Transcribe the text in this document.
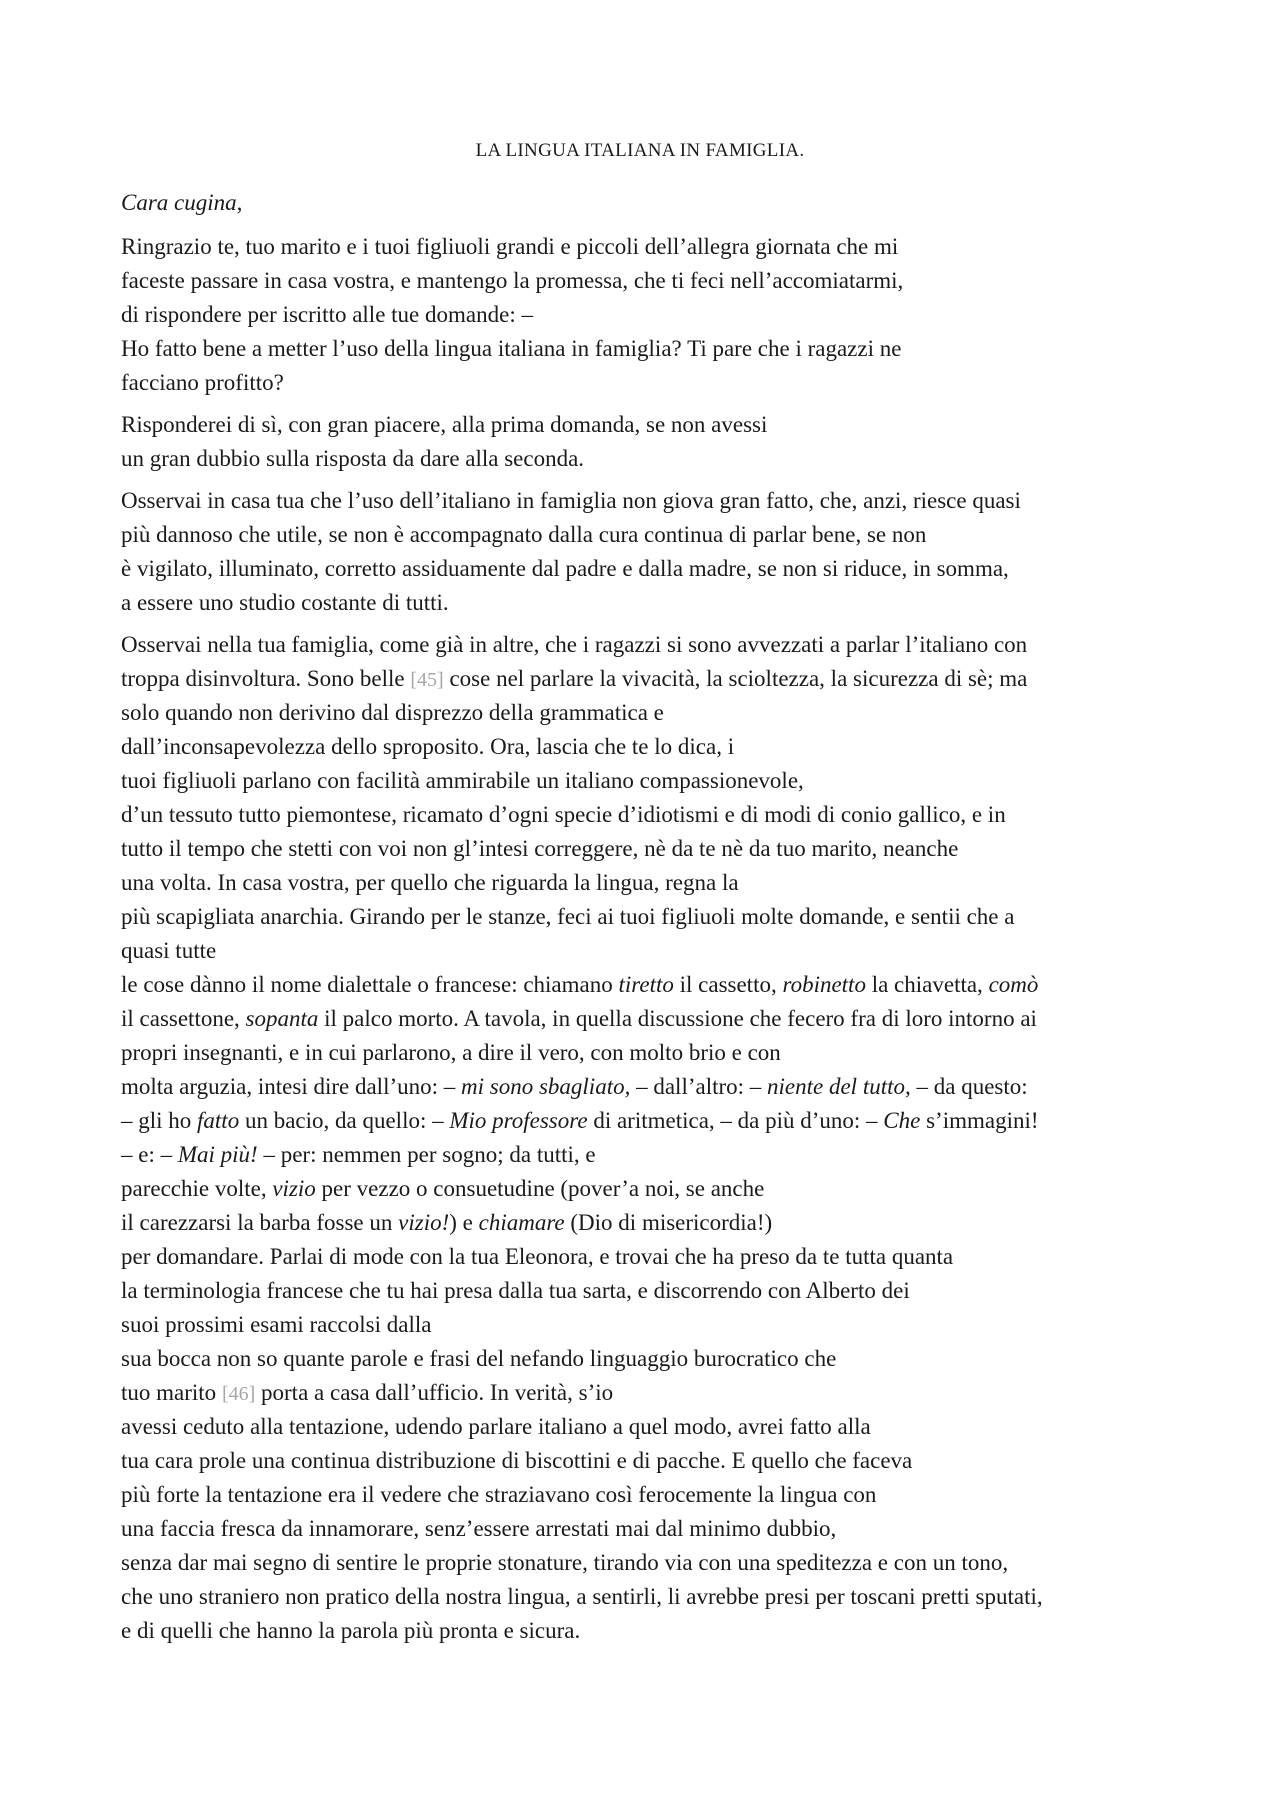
LA LINGUA ITALIANA IN FAMIGLIA.
Cara cugina,
Ringrazio te, tuo marito e i tuoi figliuoli grandi e piccoli dell’allegra giornata che mi
faceste passare in casa vostra, e mantengo la promessa, che ti feci nell’accomiatarmi,
di rispondere per iscritto alle tue domande: –
Ho fatto bene a metter l’uso della lingua italiana in famiglia? Ti pare che i ragazzi ne
facciano profitto?
Risponderei di sì, con gran piacere, alla prima domanda, se non avessi
un gran dubbio sulla risposta da dare alla seconda.
Osservai in casa tua che l’uso dell’italiano in famiglia non giova gran fatto, che, anzi, riesce quasi
più dannoso che utile, se non è accompagnato dalla cura continua di parlar bene, se non
è vigilato, illuminato, corretto assiduamente dal padre e dalla madre, se non si riduce, in somma,
a essere uno studio costante di tutti.
Osservai nella tua famiglia, come già in altre, che i ragazzi si sono avvezzati a parlar l’italiano con
troppa disinvoltura. Sono belle [45] cose nel parlare la vivacità, la scioltezza, la sicurezza di sè; ma
solo quando non derivino dal disprezzo della grammatica e
dall’inconsapevolezza dello sproposito. Ora, lascia che te lo dica, i
tuoi figliuoli parlano con facilità ammirabile un italiano compassionevole,
d’un tessuto tutto piemontese, ricamato d’ogni specie d’idiotismi e di modi di conio gallico, e in
tutto il tempo che stetti con voi non gl’intesi correggere, nè da te nè da tuo marito, neanche
una volta. In casa vostra, per quello che riguarda la lingua, regna la
più scapigliata anarchia. Girando per le stanze, feci ai tuoi figliuoli molte domande, e sentii che a
quasi tutte
le cose dànno il nome dialettale o francese: chiamano tiretto il cassetto, robinetto la chiavetta, comò
il cassettone, sopanta il palco morto. A tavola, in quella discussione che fecero fra di loro intorno ai
propri insegnanti, e in cui parlarono, a dire il vero, con molto brio e con
molta arguzia, intesi dire dall’uno: – mi sono sbagliato, – dall’altro: – niente del tutto, – da questo:
– gli ho fatto un bacio, da quello: – Mio professore di aritmetica, – da più d’uno: – Che s’immagini!
– e: – Mai più! – per: nemmen per sogno; da tutti, e
parecchie volte, vizio per vezzo o consuetudine (pover’a noi, se anche
il carezzarsi la barba fosse un vizio!) e chiamare (Dio di misericordia!)
per domandare. Parlai di mode con la tua Eleonora, e trovai che ha preso da te tutta quanta
la terminologia francese che tu hai presa dalla tua sarta, e discorrendo con Alberto dei
suoi prossimi esami raccolsi dalla
sua bocca non so quante parole e frasi del nefando linguaggio burocratico che
tuo marito [46] porta a casa dall’ufficio. In verità, s’io
avessi ceduto alla tentazione, udendo parlare italiano a quel modo, avrei fatto alla
tua cara prole una continua distribuzione di biscottini e di pacche. E quello che faceva
più forte la tentazione era il vedere che straziavano così ferocemente la lingua con
una faccia fresca da innamorare, senz’essere arrestati mai dal minimo dubbio,
senza dar mai segno di sentire le proprie stonature, tirando via con una speditezza e con un tono,
che uno straniero non pratico della nostra lingua, a sentirli, li avrebbe presi per toscani pretti sputati,
e di quelli che hanno la parola più pronta e sicura.
